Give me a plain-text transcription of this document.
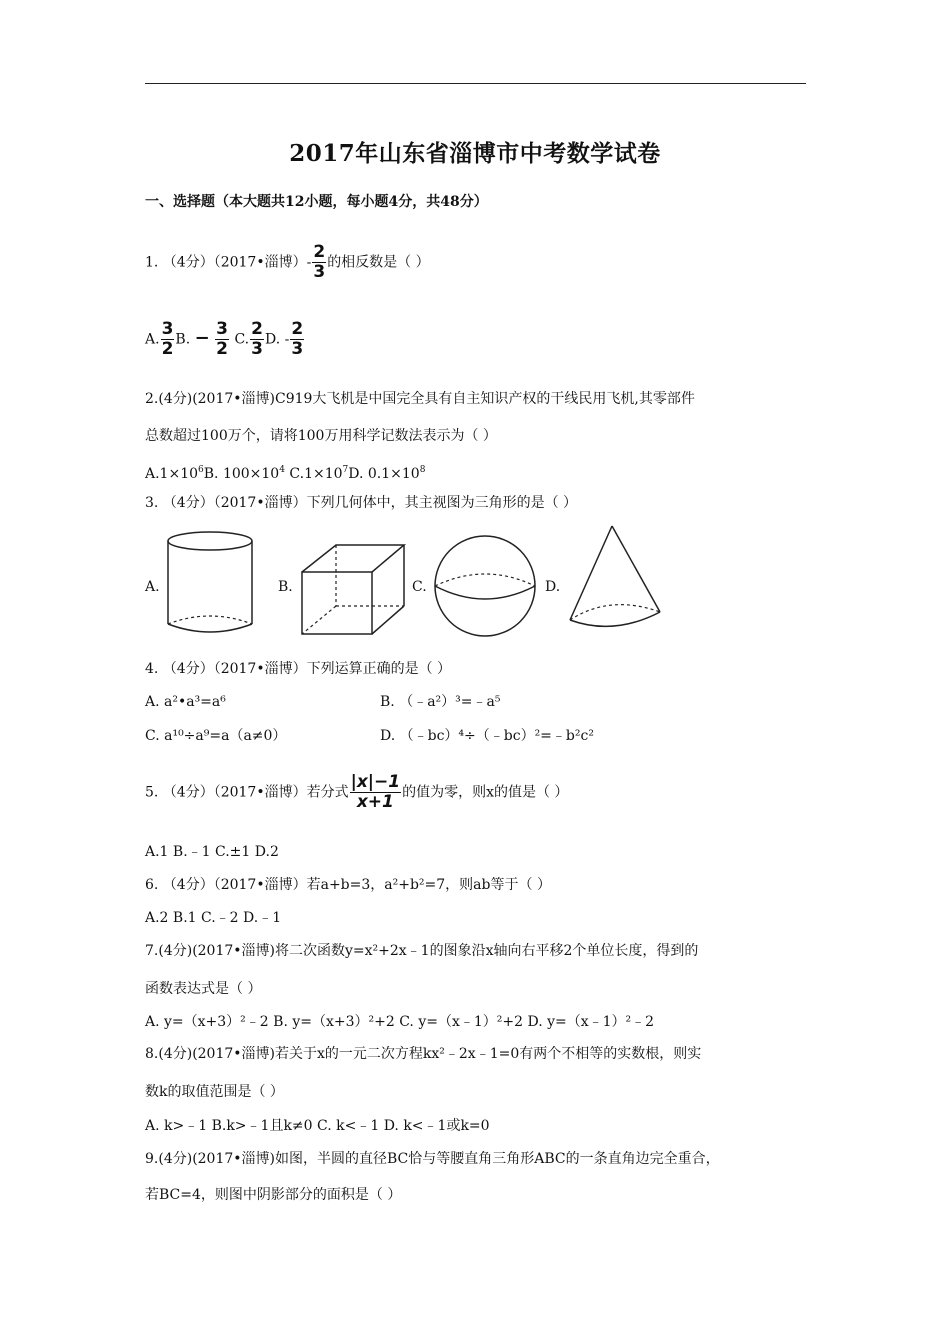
2017年山东省淄博市中考数学试卷
一、选择题（本大题共12小题，每小题4分，共48分）
1. （4分）（2017•淄博）- $\frac{2}{3}$ 的相反数是（ ）
A. $\frac{3}{2} B$. − $\frac{3}{2} C$. $\frac{2}{3} D$. - $\frac{2}{3}$
2.(4分)(2017•淄博)C919大飞机是中国完全具有自主知识产权的干线民用飞机,其零部件
总数超过100万个，请将100万用科学记数法表示为（ ）
$A.1\times 10^6B$. $100\times 10^4$ $C.1\times 10^7D$. $0.1\times 10^8$
3. （4分）（2017•淄博）下列几何体中，其主视图为三角形的是（ ）
A.	B.	C.	D.
4. （4分）（2017•淄博）下列运算正确的是（ ）
A. a²•a³=a⁶	B. （﹣a²）³=﹣a⁵
C. a¹⁰÷a⁹=a（a≠0）	D. （﹣bc）⁴÷（﹣bc）²=﹣b²c²
5. （4分）（2017•淄博）若分式 $\frac{|x|-1}{x+1}$ 的值为零，则x的值是（ ）
A.1 B.﹣1 C.±1 D.2
6. （4分）（2017•淄博）若a+b=3，a²+b²=7，则ab等于（ ）
A.2 B.1 C.﹣2 D.﹣1
7.(4分)(2017•淄博)将二次函数y=x²+2x﹣1的图象沿x轴向右平移2个单位长度，得到的
函数表达式是（ ）
A. y=（x+3）²﹣2 B. y=（x+3）²+2 C. y=（x﹣1）²+2 D. y=（x﹣1）²﹣2
8.(4分)(2017•淄博)若关于x的一元二次方程kx²﹣2x﹣1=0有两个不相等的实数根，则实
数k的取值范围是（ ）
A. k>﹣1 B.k>﹣1且k≠0 C. k<﹣1 D. k<﹣1或k=0
9.(4分)(2017•淄博)如图，半圆的直径BC恰与等腰直角三角形ABC的一条直角边完全重合，
若BC=4，则图中阴影部分的面积是（ ）
